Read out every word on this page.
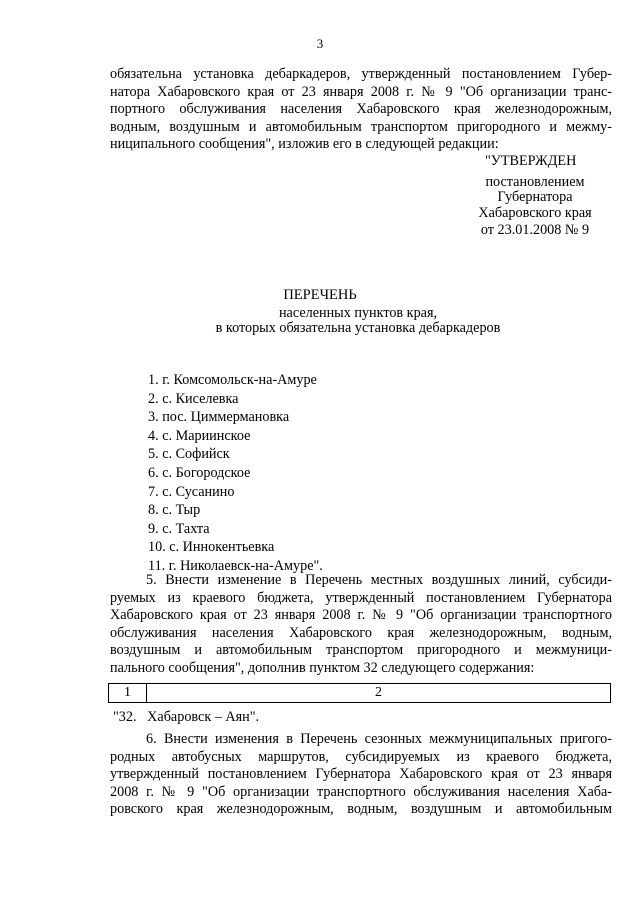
3
обязательна установка дебаркадеров, утвержденный постановлением Губер-
натора Хабаровского края от 23 января 2008 г. № 9 "Об организации транс-
портного обслуживания населения Хабаровского края железнодорожным,
водным, воздушным и автомобильным транспортом пригородного и межму-
ниципального сообщения", изложив его в следующей редакции:
"УТВЕРЖДЕН
постановлением
Губернатора
Хабаровского края
от 23.01.2008 № 9
ПЕРЕЧЕНЬ
населенных пунктов края,
в которых обязательна установка дебаркадеров
1. г. Комсомольск-на-Амуре
2. с. Киселевка
3. пос. Циммермановка
4. с. Мариинское
5. с. Софийск
6. с. Богородское
7. с. Сусанино
8. с. Тыр
9. с. Тахта
10. с. Иннокентьевка
11. г. Николаевск-на-Амуре".
5. Внести изменение в Перечень местных воздушных линий, субсиди-
руемых из краевого бюджета, утвержденный постановлением Губернатора
Хабаровского края от 23 января 2008 г. № 9 "Об организации транспортного
обслуживания населения Хабаровского края железнодорожным, водным,
воздушным и автомобильным транспортом пригородного и межмуници-
пального сообщения", дополнив пунктом 32 следующего содержания:
1	2
"32.   Хабаровск – Аян".
6. Внести изменения в Перечень сезонных межмуниципальных пригого-
родных автобусных маршрутов, субсидируемых из краевого бюджета,
утвержденный постановлением Губернатора Хабаровского края от 23 января
2008 г. № 9 "Об организации транспортного обслуживания населения Хаба-
ровского края железнодорожным, водным, воздушным и автомобильным
